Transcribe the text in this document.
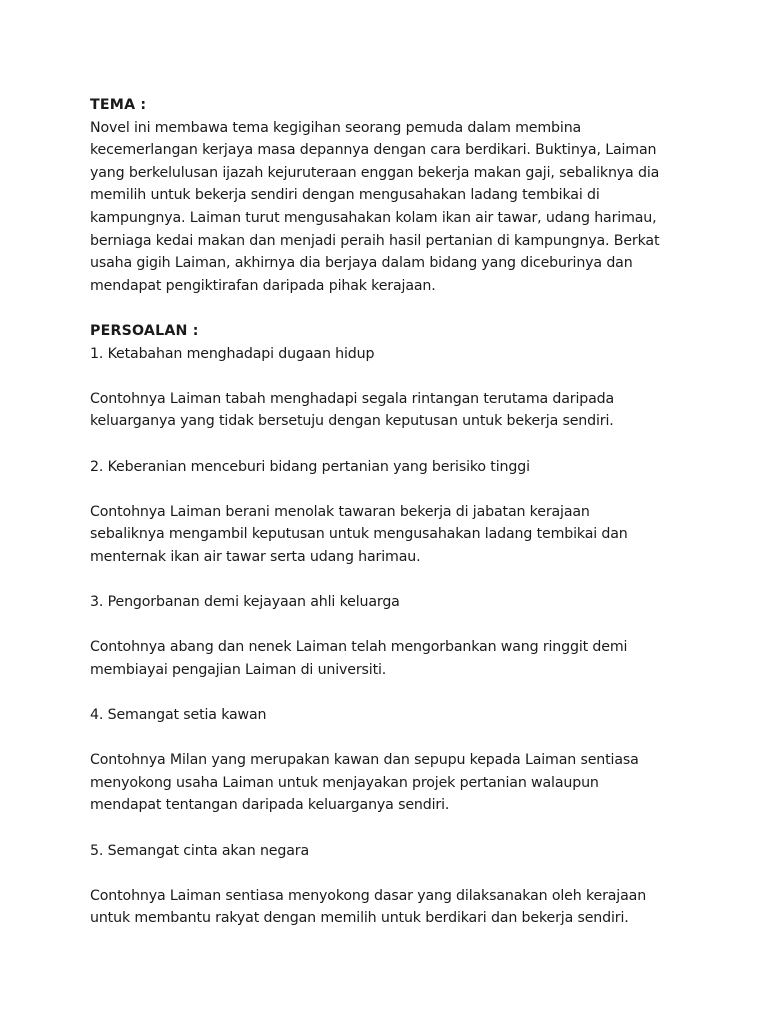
TEMA :

Novel ini membawa tema kegigihan seorang pemuda dalam membina

kecemerlangan kerjaya masa depannya dengan cara berdikari. Buktinya, Laiman

yang berkelulusan ijazah kejuruteraan enggan bekerja makan gaji, sebaliknya dia

memilih untuk bekerja sendiri dengan mengusahakan ladang tembikai di

kampungnya. Laiman turut mengusahakan kolam ikan air tawar, udang harimau,

berniaga kedai makan dan menjadi peraih hasil pertanian di kampungnya. Berkat

usaha gigih Laiman, akhirnya dia berjaya dalam bidang yang diceburinya dan

mendapat pengiktirafan daripada pihak kerajaan.

PERSOALAN :

1. Ketabahan menghadapi dugaan hidup

Contohnya Laiman tabah menghadapi segala rintangan terutama daripada

keluarganya yang tidak bersetuju dengan keputusan untuk bekerja sendiri.

2. Keberanian menceburi bidang pertanian yang berisiko tinggi

Contohnya Laiman berani menolak tawaran bekerja di jabatan kerajaan

sebaliknya mengambil keputusan untuk mengusahakan ladang tembikai dan

menternak ikan air tawar serta udang harimau.

3. Pengorbanan demi kejayaan ahli keluarga

Contohnya abang dan nenek Laiman telah mengorbankan wang ringgit demi

membiayai pengajian Laiman di universiti.

4. Semangat setia kawan

Contohnya Milan yang merupakan kawan dan sepupu kepada Laiman sentiasa

menyokong usaha Laiman untuk menjayakan projek pertanian walaupun

mendapat tentangan daripada keluarganya sendiri.

5. Semangat cinta akan negara

Contohnya Laiman sentiasa menyokong dasar yang dilaksanakan oleh kerajaan

untuk membantu rakyat dengan memilih untuk berdikari dan bekerja sendiri.
